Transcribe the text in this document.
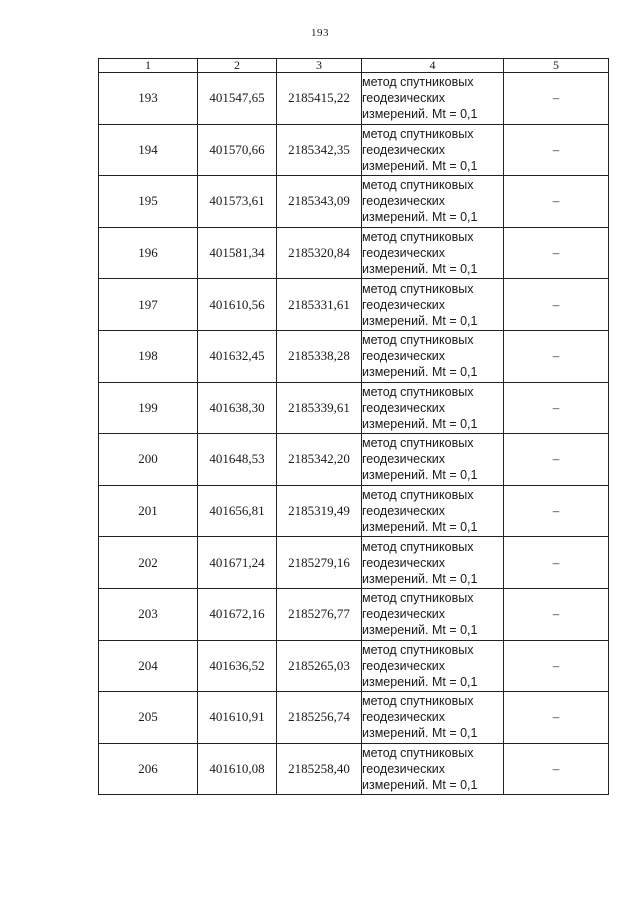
193
1	2	3	4	5
193	401547,65	2185415,22	метод спутниковых
геодезических
измерений. Mt = 0,1	–
194	401570,66	2185342,35	метод спутниковых
геодезических
измерений. Mt = 0,1	–
195	401573,61	2185343,09	метод спутниковых
геодезических
измерений. Mt = 0,1	–
196	401581,34	2185320,84	метод спутниковых
геодезических
измерений. Mt = 0,1	–
197	401610,56	2185331,61	метод спутниковых
геодезических
измерений. Mt = 0,1	–
198	401632,45	2185338,28	метод спутниковых
геодезических
измерений. Mt = 0,1	–
199	401638,30	2185339,61	метод спутниковых
геодезических
измерений. Mt = 0,1	–
200	401648,53	2185342,20	метод спутниковых
геодезических
измерений. Mt = 0,1	–
201	401656,81	2185319,49	метод спутниковых
геодезических
измерений. Mt = 0,1	–
202	401671,24	2185279,16	метод спутниковых
геодезических
измерений. Mt = 0,1	–
203	401672,16	2185276,77	метод спутниковых
геодезических
измерений. Mt = 0,1	–
204	401636,52	2185265,03	метод спутниковых
геодезических
измерений. Mt = 0,1	–
205	401610,91	2185256,74	метод спутниковых
геодезических
измерений. Mt = 0,1	–
206	401610,08	2185258,40	метод спутниковых
геодезических
измерений. Mt = 0,1	–
